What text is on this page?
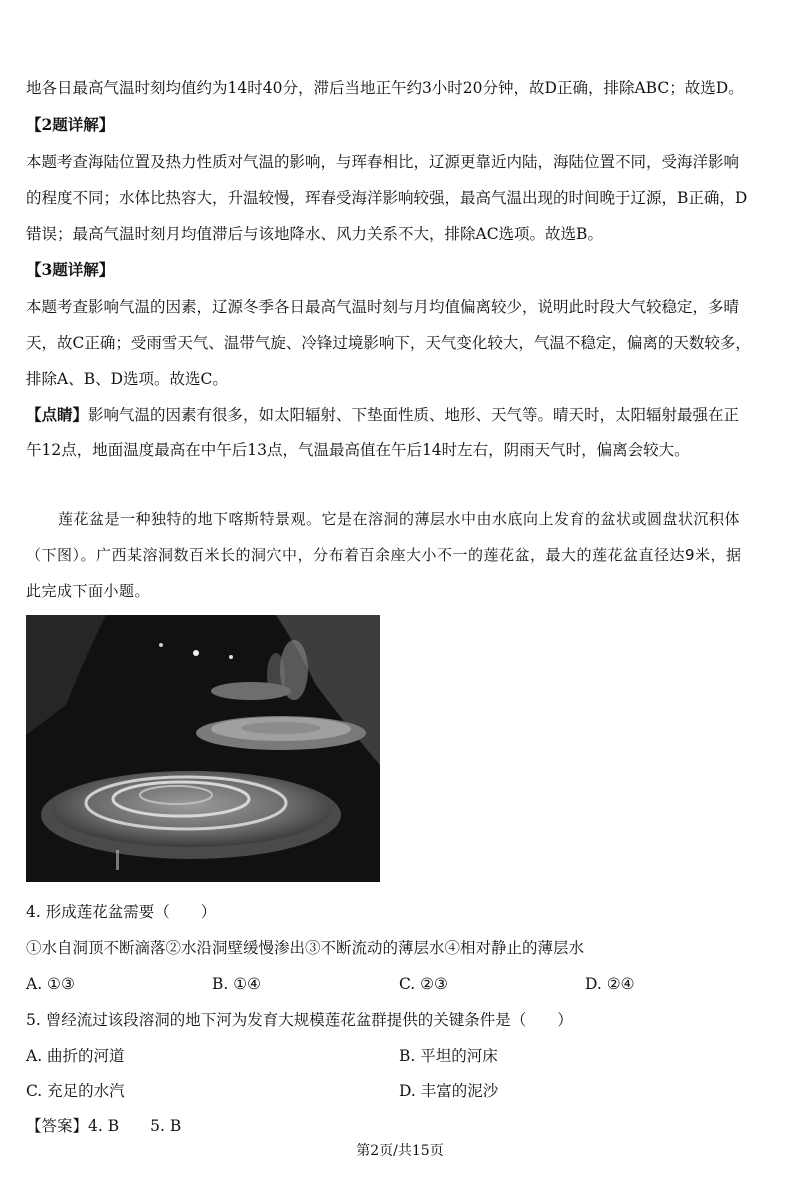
地各日最高气温时刻均值约为14时40分，滞后当地正午约3小时20分钟，故D正确，排除ABC；故选D。
【2题详解】
本题考查海陆位置及热力性质对气温的影响，与珲春相比，辽源更靠近内陆，海陆位置不同，受海洋影响
的程度不同；水体比热容大，升温较慢，珲春受海洋影响较强，最高气温出现的时间晚于辽源，B正确，D
错误；最高气温时刻月均值滞后与该地降水、风力关系不大，排除AC选项。故选B。
【3题详解】
本题考查影响气温的因素，辽源冬季各日最高气温时刻与月均值偏离较少，说明此时段大气较稳定，多晴
天，故C正确；受雨雪天气、温带气旋、冷锋过境影响下，天气变化较大，气温不稳定，偏离的天数较多，
排除A、B、D选项。故选C。
【点睛】影响气温的因素有很多，如太阳辐射、下垫面性质、地形、天气等。晴天时，太阳辐射最强在正
午12点，地面温度最高在中午后13点，气温最高值在午后14时左右，阴雨天气时，偏离会较大。
莲花盆是一种独特的地下喀斯特景观。它是在溶洞的薄层水中由水底向上发育的盆状或圆盘状沉积体
（下图）。广西某溶洞数百米长的洞穴中，分布着百余座大小不一的莲花盆，最大的莲花盆直径达9米，据
此完成下面小题。
4. 形成莲花盆需要（　　）
①水自洞顶不断滴落②水沿洞壁缓慢渗出③不断流动的薄层水④相对静止的薄层水
A. ①③	B. ①④	C. ②③	D. ②④
5. 曾经流过该段溶洞的地下河为发育大规模莲花盆群提供的关键条件是（　　）
A. 曲折的河道	B. 平坦的河床
C. 充足的水汽	D. 丰富的泥沙
【答案】4. B　　5. B
第2页/共15页
